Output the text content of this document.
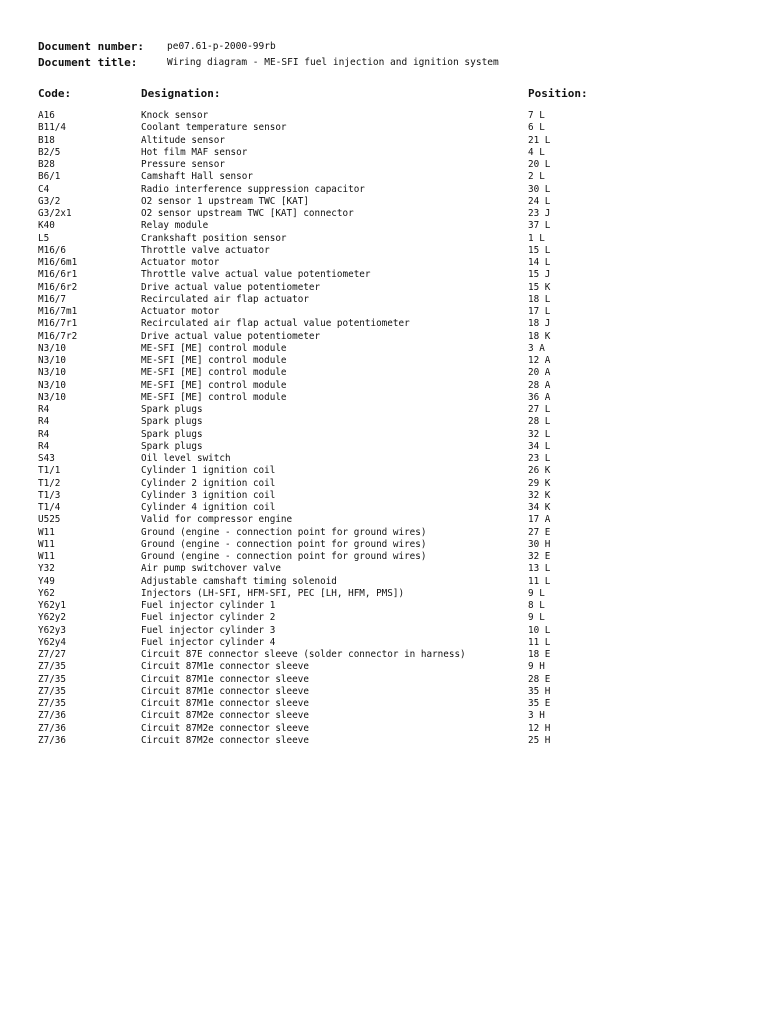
Document number: pe07.61-p-2000-99rb
Document title:	Wiring diagram - ME-SFI fuel injection and ignition system
Code:	Designation:	Position:
A16	Knock sensor	7 L
B11/4	Coolant temperature sensor	6 L
B18	Altitude sensor	21 L
B2/5	Hot film MAF sensor	4 L
B28	Pressure sensor	20 L
B6/1	Camshaft Hall sensor	2 L
C4	Radio interference suppression capacitor	30 L
G3/2	O2 sensor 1 upstream TWC [KAT]	24 L
G3/2x1	O2 sensor upstream TWC [KAT] connector	23 J
K40	Relay module	37 L
L5	Crankshaft position sensor	1 L
M16/6	Throttle valve actuator	15 L
M16/6m1	Actuator motor	14 L
M16/6r1	Throttle valve actual value potentiometer	15 J
M16/6r2	Drive actual value potentiometer	15 K
M16/7	Recirculated air flap actuator	18 L
M16/7m1	Actuator motor	17 L
M16/7r1	Recirculated air flap actual value potentiometer	18 J
M16/7r2	Drive actual value potentiometer	18 K
N3/10	ME-SFI [ME] control module	3 A
N3/10	ME-SFI [ME] control module	12 A
N3/10	ME-SFI [ME] control module	20 A
N3/10	ME-SFI [ME] control module	28 A
N3/10	ME-SFI [ME] control module	36 A
R4	Spark plugs	27 L
R4	Spark plugs	28 L
R4	Spark plugs	32 L
R4	Spark plugs	34 L
S43	Oil level switch	23 L
T1/1	Cylinder 1 ignition coil	26 K
T1/2	Cylinder 2 ignition coil	29 K
T1/3	Cylinder 3 ignition coil	32 K
T1/4	Cylinder 4 ignition coil	34 K
U525	Valid for compressor engine	17 A
W11	Ground (engine - connection point for ground wires)	27 E
W11	Ground (engine - connection point for ground wires)	30 H
W11	Ground (engine - connection point for ground wires)	32 E
Y32	Air pump switchover valve	13 L
Y49	Adjustable camshaft timing solenoid	11 L
Y62	Injectors (LH-SFI, HFM-SFI, PEC [LH, HFM, PMS])	9 L
Y62y1	Fuel injector cylinder 1	8 L
Y62y2	Fuel injector cylinder 2	9 L
Y62y3	Fuel injector cylinder 3	10 L
Y62y4	Fuel injector cylinder 4	11 L
Z7/27	Circuit 87E connector sleeve (solder connector in harness)	18 E
Z7/35	Circuit 87M1e connector sleeve	9 H
Z7/35	Circuit 87M1e connector sleeve	28 E
Z7/35	Circuit 87M1e connector sleeve	35 H
Z7/35	Circuit 87M1e connector sleeve	35 E
Z7/36	Circuit 87M2e connector sleeve	3 H
Z7/36	Circuit 87M2e connector sleeve	12 H
Z7/36	Circuit 87M2e connector sleeve	25 H
